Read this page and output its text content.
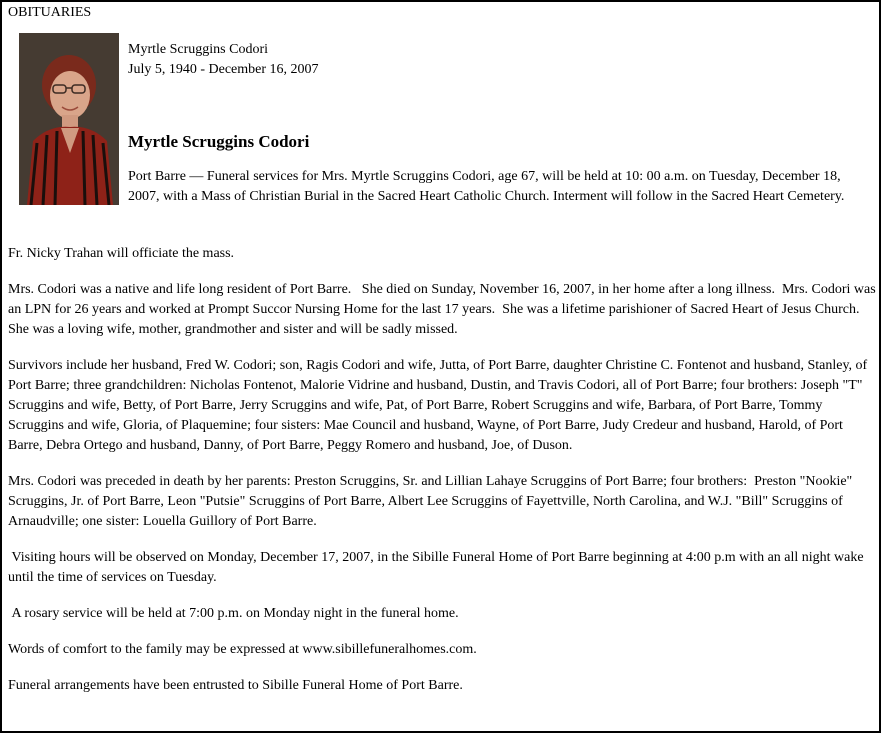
OBITUARIES
Myrtle Scruggins Codori
July 5, 1940 - December 16, 2007
Myrtle Scruggins Codori
Port Barre — Funeral services for Mrs. Myrtle Scruggins Codori, age 67, will be held at 10: 00 a.m. on Tuesday, December 18, 2007, with a Mass of Christian Burial in the Sacred Heart Catholic Church. Interment will follow in the Sacred Heart Cemetery.

Fr. Nicky Trahan will officiate the mass.

Mrs. Codori was a native and life long resident of Port Barre.   She died on Sunday, November 16, 2007, in her home after a long illness.  Mrs. Codori was an LPN for 26 years and worked at Prompt Succor Nursing Home for the last 17 years.  She was a lifetime parishioner of Sacred Heart of Jesus Church.  She was a loving wife, mother, grandmother and sister and will be sadly missed.

Survivors include her husband, Fred W. Codori; son, Ragis Codori and wife, Jutta, of Port Barre, daughter Christine C. Fontenot and husband, Stanley, of Port Barre; three grandchildren: Nicholas Fontenot, Malorie Vidrine and husband, Dustin, and Travis Codori, all of Port Barre; four brothers: Joseph "T" Scruggins and wife, Betty, of Port Barre, Jerry Scruggins and wife, Pat, of Port Barre, Robert Scruggins and wife, Barbara, of Port Barre, Tommy Scruggins and wife, Gloria, of Plaquemine; four sisters: Mae Council and husband, Wayne, of Port Barre, Judy Credeur and husband, Harold, of Port Barre, Debra Ortego and husband, Danny, of Port Barre, Peggy Romero and husband, Joe, of Duson.

Mrs. Codori was preceded in death by her parents: Preston Scruggins, Sr. and Lillian Lahaye Scruggins of Port Barre; four brothers:  Preston "Nookie" Scruggins, Jr. of Port Barre, Leon "Putsie" Scruggins of Port Barre, Albert Lee Scruggins of Fayettville, North Carolina, and W.J. "Bill" Scruggins of Arnaudville; one sister: Louella Guillory of Port Barre.

Visiting hours will be observed on Monday, December 17, 2007, in the Sibille Funeral Home of Port Barre beginning at 4:00 p.m with an all night wake until the time of services on Tuesday.

A rosary service will be held at 7:00 p.m. on Monday night in the funeral home.

Words of comfort to the family may be expressed at www.sibillefuneralhomes.com.

Funeral arrangements have been entrusted to Sibille Funeral Home of Port Barre.
